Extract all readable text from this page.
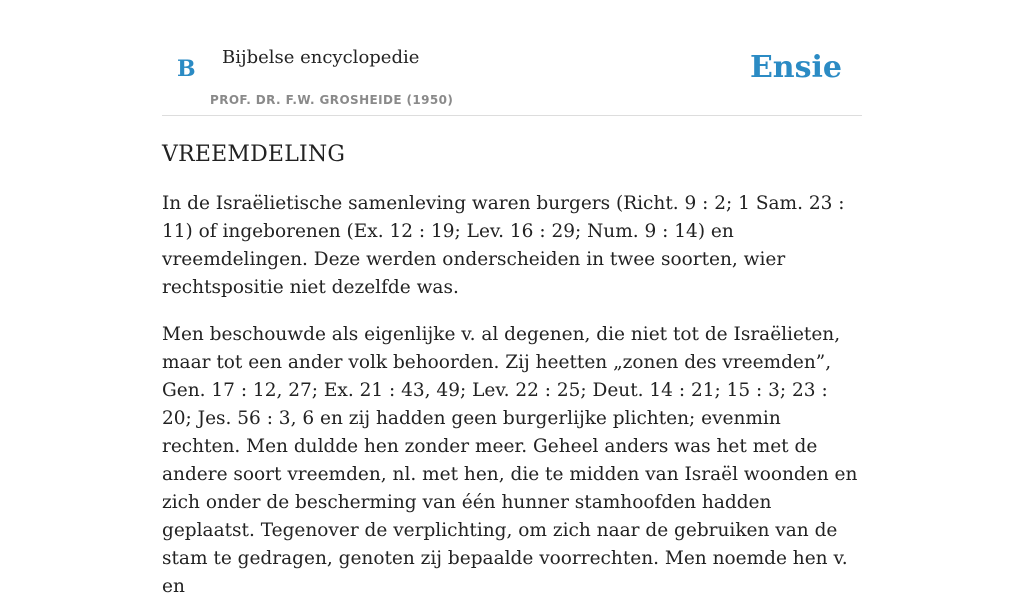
B Bijbelse encyclopedie
PROF. DR. F.W. GROSHEIDE (1950)
Ensie
VREEMDELING

In de Israëlietische samenleving waren burgers (Richt. 9 : 2; 1 Sam. 23 : 11) of ingeborenen (Ex. 12 : 19; Lev. 16 : 29; Num. 9 : 14) en vreemdelingen. Deze werden onderscheiden in twee soorten, wier rechtspositie niet dezelfde was.

Men beschouwde als eigenlijke v. al degenen, die niet tot de Israëlieten, maar tot een ander volk behoorden. Zij heetten „zonen des vreemden”, Gen. 17 : 12, 27; Ex. 21 : 43, 49; Lev. 22 : 25; Deut. 14 : 21; 15 : 3; 23 : 20; Jes. 56 : 3, 6 en zij hadden geen burgerlijke plichten; evenmin rechten. Men duldde hen zonder meer. Geheel anders was het met de andere soort vreemden, nl. met hen, die te midden van Israël woonden en zich onder de bescherming van één hunner stamhoofden hadden geplaatst. Tegenover de verplichting, om zich naar de gebruiken van de stam te gedragen, genoten zij bepaalde voorrechten. Men noemde hen v. en
